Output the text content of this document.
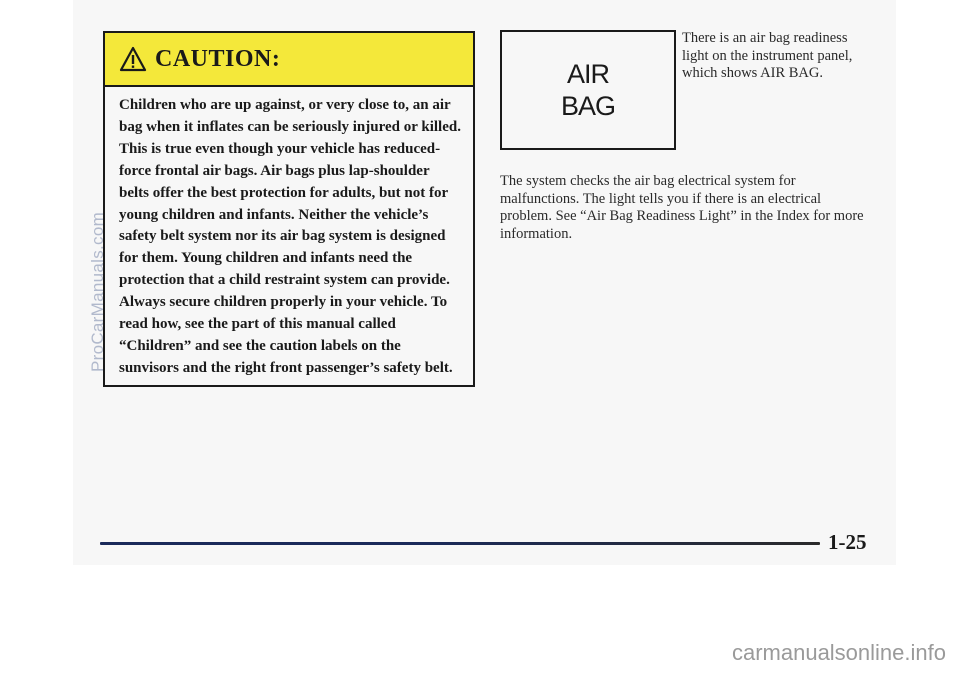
CAUTION:
Children who are up against, or very close to, an air bag when it inflates can be seriously injured or killed. This is true even though your vehicle has reduced-force frontal air bags. Air bags plus lap-shoulder belts offer the best protection for adults, but not for young children and infants. Neither the vehicle’s safety belt system nor its air bag system is designed for them. Young children and infants need the protection that a child restraint system can provide. Always secure children properly in your vehicle. To read how, see the part of this manual called “Children” and see the caution labels on the sunvisors and the right front passenger’s safety belt.
AIR
BAG
There is an air bag readiness light on the instrument panel, which shows AIR BAG.
The system checks the air bag electrical system for malfunctions. The light tells you if there is an electrical problem. See “Air Bag Readiness Light” in the Index for more information.
1-25
ProCarManuals.com
carmanualsonline.info
